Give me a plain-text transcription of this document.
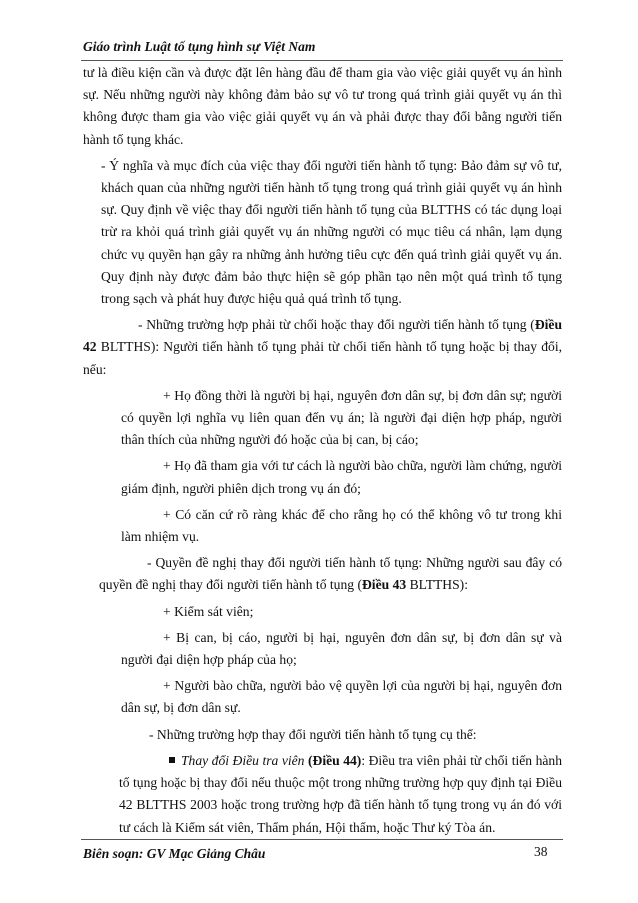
Giáo trình Luật tố tụng hình sự Việt Nam

tư là điều kiện cần và được đặt lên hàng đầu để tham gia vào việc giải quyết vụ án hình sự. Nếu những người này không đảm bảo sự vô tư trong quá trình giải quyết vụ án thì không được tham gia vào việc giải quyết vụ án và phải được thay đổi bằng người tiến hành tố tụng khác.

- Ý nghĩa và mục đích của việc thay đổi người tiến hành tố tụng: Bảo đảm sự vô tư, khách quan của những người tiến hành tố tụng trong quá trình giải quyết vụ án hình sự. Quy định về việc thay đổi người tiến hành tố tụng của BLTTHS có tác dụng loại trừ ra khỏi quá trình giải quyết vụ án những người có mục tiêu cá nhân, lạm dụng chức vụ quyền hạn gây ra những ảnh hưởng tiêu cực đến quá trình giải quyết vụ án. Quy định này được đảm bảo thực hiện sẽ góp phần tạo nên một quá trình tố tụng trong sạch và phát huy được hiệu quả quá trình tố tụng.

- Những trường hợp phải từ chối hoặc thay đổi người tiến hành tố tụng (Điều 42 BLTTHS): Người tiến hành tố tụng phải từ chối tiến hành tố tụng hoặc bị thay đổi, nếu:

+ Họ đồng thời là người bị hại, nguyên đơn dân sự, bị đơn dân sự; người có quyền lợi nghĩa vụ liên quan đến vụ án; là người đại diện hợp pháp, người thân thích của những người đó hoặc của bị can, bị cáo;

+ Họ đã tham gia với tư cách là người bào chữa, người làm chứng, người giám định, người phiên dịch trong vụ án đó;

+ Có căn cứ rõ ràng khác để cho rằng họ có thể không vô tư trong khi làm nhiệm vụ.

- Quyền đề nghị thay đổi người tiến hành tố tụng: Những người sau đây có quyền đề nghị thay đổi người tiến hành tố tụng (Điều 43 BLTTHS):

+ Kiểm sát viên;

+ Bị can, bị cáo, người bị hại, nguyên đơn dân sự, bị đơn dân sự và người đại diện hợp pháp của họ;

+ Người bào chữa, người bảo vệ quyền lợi của người bị hại, nguyên đơn dân sự, bị đơn dân sự.

- Những trường hợp thay đổi người tiến hành tố tụng cụ thể:

Thay đổi Điều tra viên (Điều 44): Điều tra viên phải từ chối tiến hành tố tụng hoặc bị thay đổi nếu thuộc một trong những trường hợp quy định tại Điều 42 BLTTHS 2003 hoặc trong trường hợp đã tiến hành tố tụng trong vụ án đó với tư cách là Kiểm sát viên, Thẩm phán, Hội thẩm, hoặc Thư ký Tòa án.

Biên soạn: GV Mạc Giảng Châu	38
